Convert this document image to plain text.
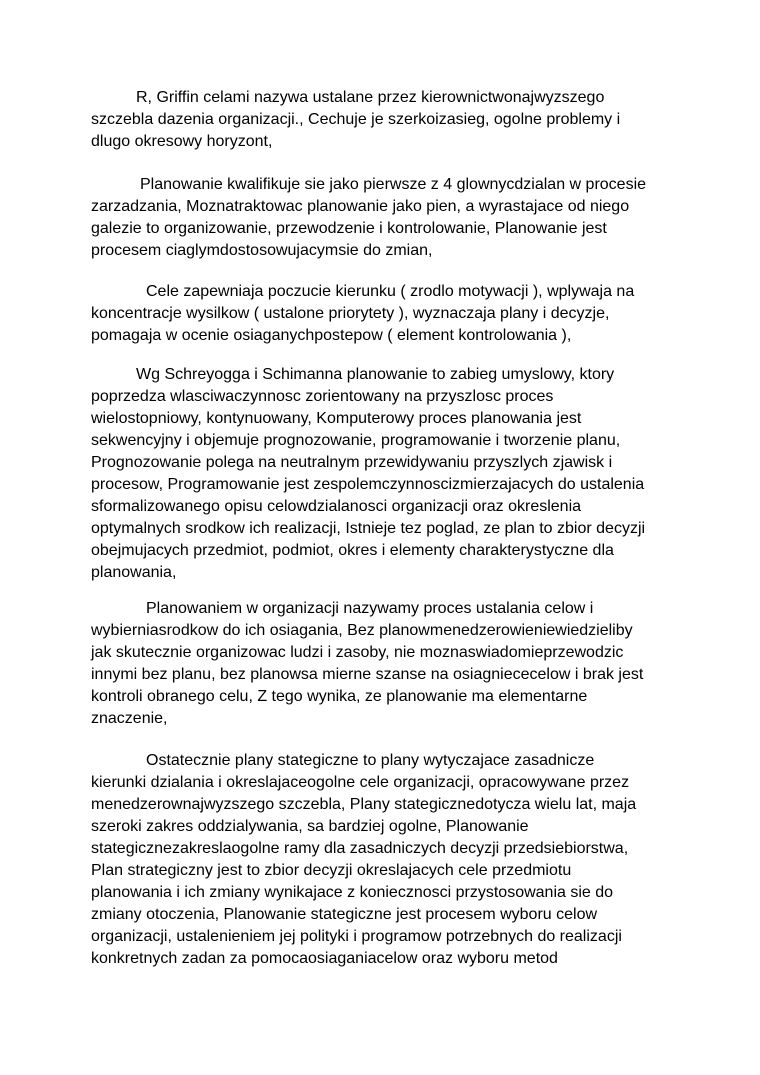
R, Griffin celami nazywa ustalane przez kierownictwonajwyzszego
szczebla dazenia organizacji., Cechuje je szerkoizasieg, ogolne problemy i
dlugo okresowy horyzont,

Planowanie kwalifikuje sie jako pierwsze z 4 glownycdzialan w procesie
zarzadzania, Moznatraktowac planowanie jako pien, a wyrastajace od niego
galezie to organizowanie, przewodzenie i kontrolowanie, Planowanie jest
procesem ciaglymdostosowujacymsie do zmian,

Cele zapewniaja poczucie kierunku ( zrodlo motywacji ), wplywaja na
koncentracje wysilkow ( ustalone priorytety ), wyznaczaja plany i decyzje,
pomagaja w ocenie osiaganychpostepow ( element kontrolowania ),

Wg Schreyogga i Schimanna planowanie to zabieg umyslowy, ktory
poprzedza wlasciwaczynnosc zorientowany na przyszlosc proces
wielostopniowy, kontynuowany, Komputerowy proces planowania jest
sekwencyjny i objemuje prognozowanie, programowanie i tworzenie planu,
Prognozowanie polega na neutralnym przewidywaniu przyszlych zjawisk i
procesow, Programowanie jest zespolemczynnoscizmierzajacych do ustalenia
sformalizowanego opisu celowdzialanosci organizacji oraz okreslenia
optymalnych srodkow ich realizacji, Istnieje tez poglad, ze plan to zbior decyzji
obejmujacych przedmiot, podmiot, okres i elementy charakterystyczne dla
planowania,

Planowaniem w organizacji nazywamy proces ustalania celow i
wybierniasrodkow do ich osiagania, Bez planowmenedzerowieniewiedzieliby
jak skutecznie organizowac ludzi i zasoby, nie moznaswiadomieprzewodzic
innymi bez planu, bez planowsa mierne szanse na osiagniececelow i brak jest
kontroli obranego celu, Z tego wynika, ze planowanie ma elementarne
znaczenie,

Ostatecznie plany stategiczne to plany wytyczajace zasadnicze
kierunki dzialania i okreslajaceogolne cele organizacji, opracowywane przez
menedzerownajwyzszego szczebla, Plany stategicznedotycza wielu lat, maja
szeroki zakres oddzialywania, sa bardziej ogolne, Planowanie
stategicznezakreslaogolne ramy dla zasadniczych decyzji przedsiebiorstwa,
Plan strategiczny jest to zbior decyzji okreslajacych cele przedmiotu
planowania i ich zmiany wynikajace z koniecznosci przystosowania sie do
zmiany otoczenia, Planowanie stategiczne jest procesem wyboru celow
organizacji, ustalenieniem jej polityki i programow potrzebnych do realizacji
konkretnych zadan za pomocaosiaganiacelow oraz wyboru metod
